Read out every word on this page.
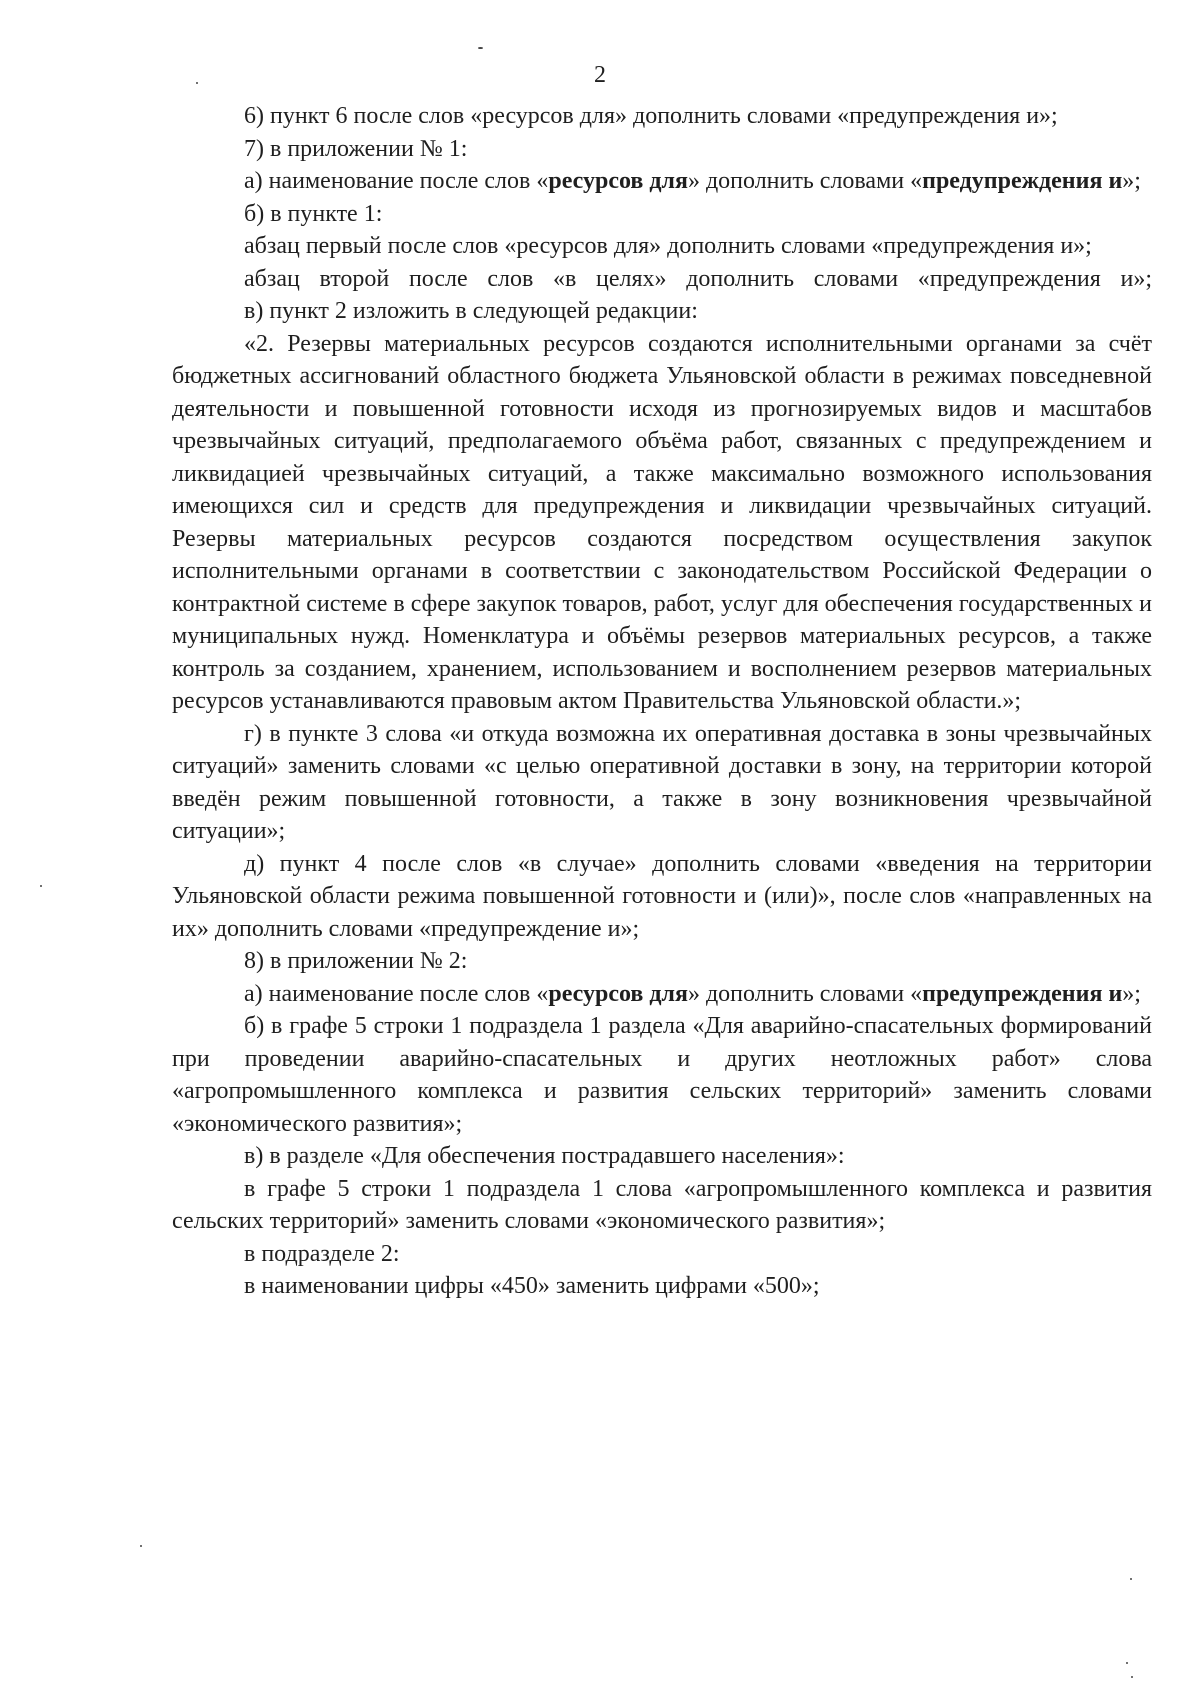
2

6) пункт 6 после слов «ресурсов для» дополнить словами «предупреждения и»;

7) в приложении № 1:

а) наименование после слов «ресурсов для» дополнить словами «предупреждения и»;

б) в пункте 1:

абзац первый после слов «ресурсов для» дополнить словами «предупреждения и»;

абзац второй после слов «в целях» дополнить словами «предупреждения и»;

в) пункт 2 изложить в следующей редакции:

«2. Резервы материальных ресурсов создаются исполнительными органами за счёт бюджетных ассигнований областного бюджета Ульяновской области в режимах повседневной деятельности и повышенной готовности исходя из прогнозируемых видов и масштабов чрезвычайных ситуаций, предполагаемого объёма работ, связанных с предупреждением и ликвидацией чрезвычайных ситуаций, а также максимально возможного использования имеющихся сил и средств для предупреждения и ликвидации чрезвычайных ситуаций. Резервы материальных ресурсов создаются посредством осуществления закупок исполнительными органами в соответствии с законодательством Российской Федерации о контрактной системе в сфере закупок товаров, работ, услуг для обеспечения государственных и муниципальных нужд. Номенклатура и объёмы резервов материальных ресурсов, а также контроль за созданием, хранением, использованием и восполнением резервов материальных ресурсов устанавливаются правовым актом Правительства Ульяновской области.»;

г) в пункте 3 слова «и откуда возможна их оперативная доставка в зоны чрезвычайных ситуаций» заменить словами «с целью оперативной доставки в зону, на территории которой введён режим повышенной готовности, а также в зону возникновения чрезвычайной ситуации»;

д) пункт 4 после слов «в случае» дополнить словами «введения на территории Ульяновской области режима повышенной готовности и (или)», после слов «направленных на их» дополнить словами «предупреждение и»;

8) в приложении № 2:

а) наименование после слов «ресурсов для» дополнить словами «предупреждения и»;

б) в графе 5 строки 1 подраздела 1 раздела «Для аварийно-спасательных формирований при проведении аварийно-спасательных и других неотложных работ» слова «агропромышленного комплекса и развития сельских территорий» заменить словами «экономического развития»;

в) в разделе «Для обеспечения пострадавшего населения»:

в графе 5 строки 1 подраздела 1 слова «агропромышленного комплекса и развития сельских территорий» заменить словами «экономического развития»;

в подразделе 2:

в наименовании цифры «450» заменить цифрами «500»;
